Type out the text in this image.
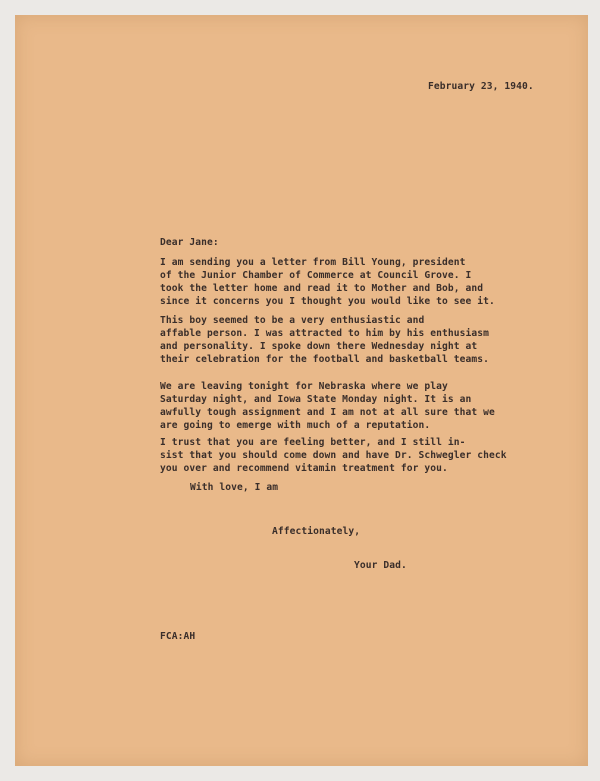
February 23, 1940.
Dear Jane:
I am sending you a letter from Bill Young, president
of the Junior Chamber of Commerce at Council Grove. I
took the letter home and read it to Mother and Bob, and
since it concerns you I thought you would like to see it.
This boy seemed to be a very enthusiastic and
affable person. I was attracted to him by his enthusiasm
and personality. I spoke down there Wednesday night at
their celebration for the football and basketball teams.
We are leaving tonight for Nebraska where we play
Saturday night, and Iowa State Monday night. It is an
awfully tough assignment and I am not at all sure that we
are going to emerge with much of a reputation.
I trust that you are feeling better, and I still in-
sist that you should come down and have Dr. Schwegler check
you over and recommend vitamin treatment for you.
With love, I am
Affectionately,
Your Dad.
FCA:AH
